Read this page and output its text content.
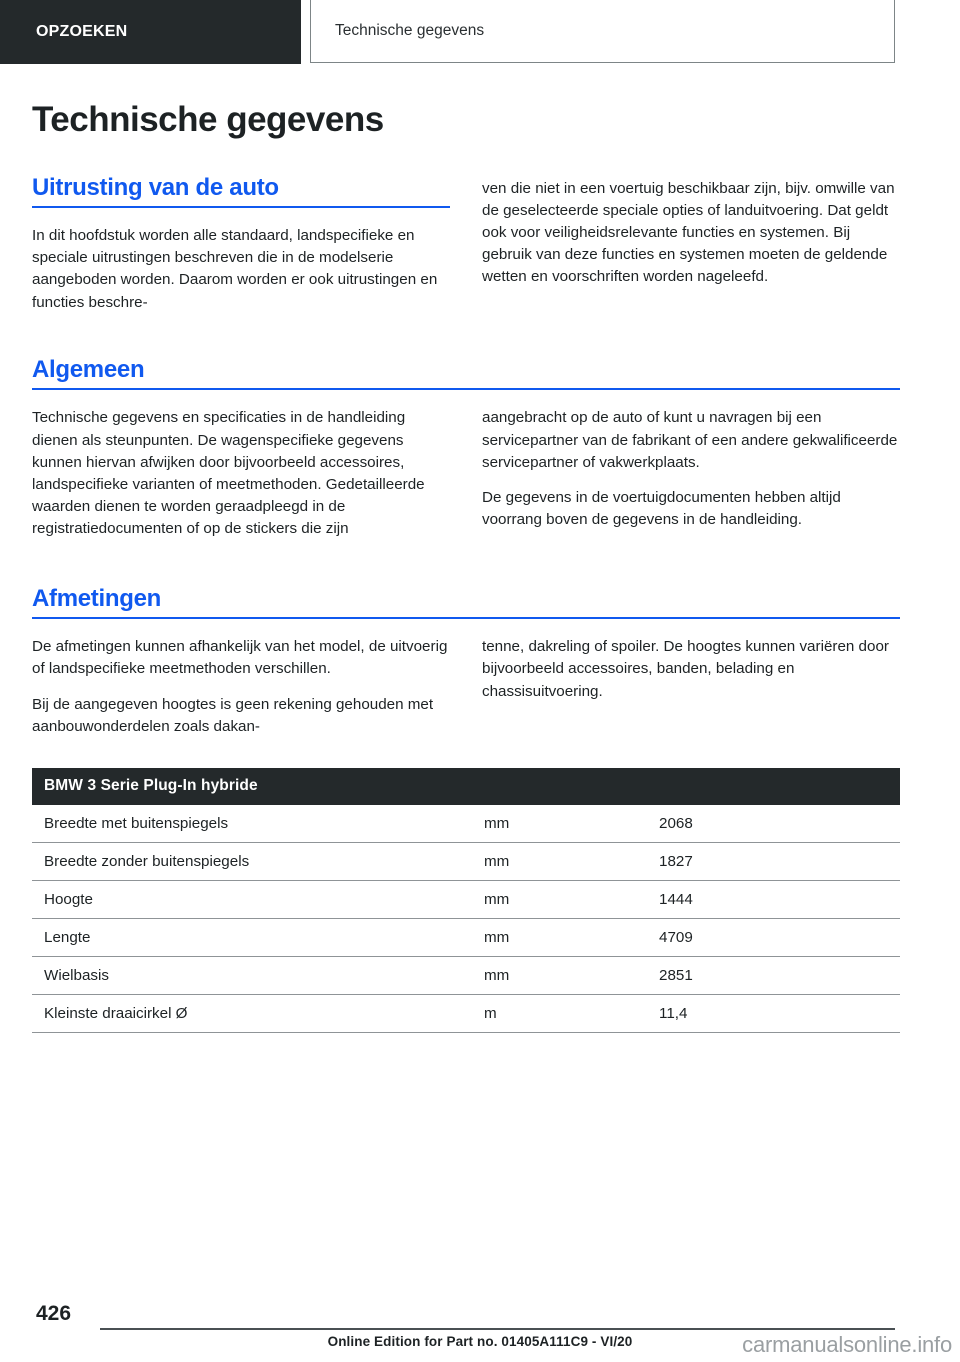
OPZOEKEN	Technische gegevens
Technische gegevens
Uitrusting van de auto

In dit hoofdstuk worden alle standaard, landspecifieke en speciale uitrustingen beschreven die in de modelserie aangeboden worden. Daarom worden er ook uitrustingen en functies beschre-

ven die niet in een voertuig beschikbaar zijn, bijv. omwille van de geselecteerde speciale opties of landuitvoering. Dat geldt ook voor veiligheidsrelevante functies en systemen. Bij gebruik van deze functies en systemen moeten de geldende wetten en voorschriften worden nageleefd.

Algemeen

Technische gegevens en specificaties in de handleiding dienen als steunpunten. De wagenspecifieke gegevens kunnen hiervan afwijken door bijvoorbeeld accessoires, landspecifieke varianten of meetmethoden. Gedetailleerde waarden dienen te worden geraadpleegd in de registratiedocumenten of op de stickers die zijn

aangebracht op de auto of kunt u navragen bij een servicepartner van de fabrikant of een andere gekwalificeerde servicepartner of vakwerkplaats.

De gegevens in de voertuigdocumenten hebben altijd voorrang boven de gegevens in de handleiding.

Afmetingen

De afmetingen kunnen afhankelijk van het model, de uitvoerig of landspecifieke meetmethoden verschillen.

Bij de aangegeven hoogtes is geen rekening gehouden met aanbouwonderdelen zoals dakan-

tenne, dakreling of spoiler. De hoogtes kunnen variëren door bijvoorbeeld accessoires, banden, belading en chassisuitvoering.

BMW 3 Serie Plug-In hybride		
Breedte met buitenspiegels	mm	2068
Breedte zonder buitenspiegels	mm	1827
Hoogte	mm	1444
Lengte	mm	4709
Wielbasis	mm	2851
Kleinste draaicirkel Ø	m	11,4
426
Online Edition for Part no. 01405A111C9 - VI/20	carmanualsonline.info
